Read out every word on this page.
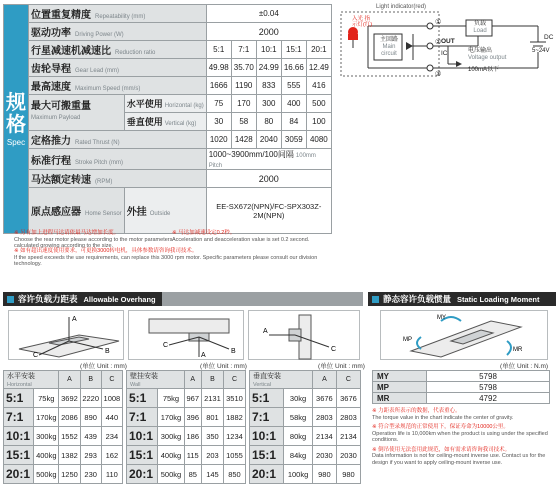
规格
Spec	位置重复精度 Repeatability (mm)		±0.04				
	驱动功率 Driving Power (W)		2000				
	行星减速机减速比 Reduction ratio		5:1	7:1	10:1	15:1	20:1
	齿轮导程 Gear Lead (mm)		49.98	35.70	24.99	16.66	12.49
	最高速度 Maximum Speed (mm/s)		1666	1190	833	555	416
	最大可搬重量
Maximum Payload	水平使用 Horizontal (kg)	75	170	300	400	500
		垂直使用 Vertical (kg)	30	58	80	84	100
	定格推力 Rated Thrust (N)		1020	1428	2040	3059	4080
	标准行程 Stroke Pitch (mm)		1000~3900mm/100间隔 100mm Pitch				
	马达额定转速 (RPM)		2000				
	原点感应器 Home Sensor	外挂 Outside	EE-SX672(NPN)/FC-SPX303Z-2M(NPN)				
※ 另有加上进程马达请依最马达增加长度。
Choose the rear motor please according to the motor parameters calculated growing according to the size.
※ 马达加减速设定0.2秒。
Acceleration and deacceleration value is set 0.2 second.
※ 如有超出速度使用要求，可更换3000转电机，具体参数请咨询我司技术。
If the speed exceeds the use requirements, can replace this 3000 rpm motor. Specific parameters please consult our division technology.
Light indicator(red)
入光 指示灯(红)
主回路
Main circuit
负载
Load
①
②
③
OUT
IC	电压输出
Voltage output
100mA以下
DC
5~24V
容许负载力距表 Allowable Overhang	静态容许负载惯量 Static Loading Moment
A
C
B
A
C
B
A
C
MY
MR
MP
(单位 Unit : mm)	(单位 Unit : mm)	(单位 Unit : mm)	(单位 Unit : N.m)
水平安装
Horizontal		A	B	C
5:1	75kg	3692	2220	1008
7:1	170kg	2086	890	440
10:1	300kg	1552	439	234
15:1	400kg	1382	293	162
20:1	500kg	1250	230	110
壁挂安装
Wall		A	B	C
5:1	75kg	967	2131	3510
7:1	170kg	396	801	1882
10:1	300kg	186	350	1234
15:1	400kg	115	203	1055
20:1	500kg	85	145	850
垂直安装
Vertical		A	C
5:1	30kg	3676	3676
7:1	58kg	2803	2803
10:1	80kg	2134	2134
15:1	84kg	2030	2030
20:1	100kg	980	980
MY	5798
MP	5798
MR	4792
※ 力距表所表示的数据，代表重心。
The torque value in the chart indicate the center of gravity.
※ 符合型录规范的正常使用下，保证寿命为10000公里。
Operation life is 10,000km when the product is using under the specified conditions.
※ 倒吊使用无法套用此规范，如有需求请咨询我司技术。
Data information is not for ceiling-mount inverse use. Contact us for the design if you want to apply ceiling-mount inverse use.
